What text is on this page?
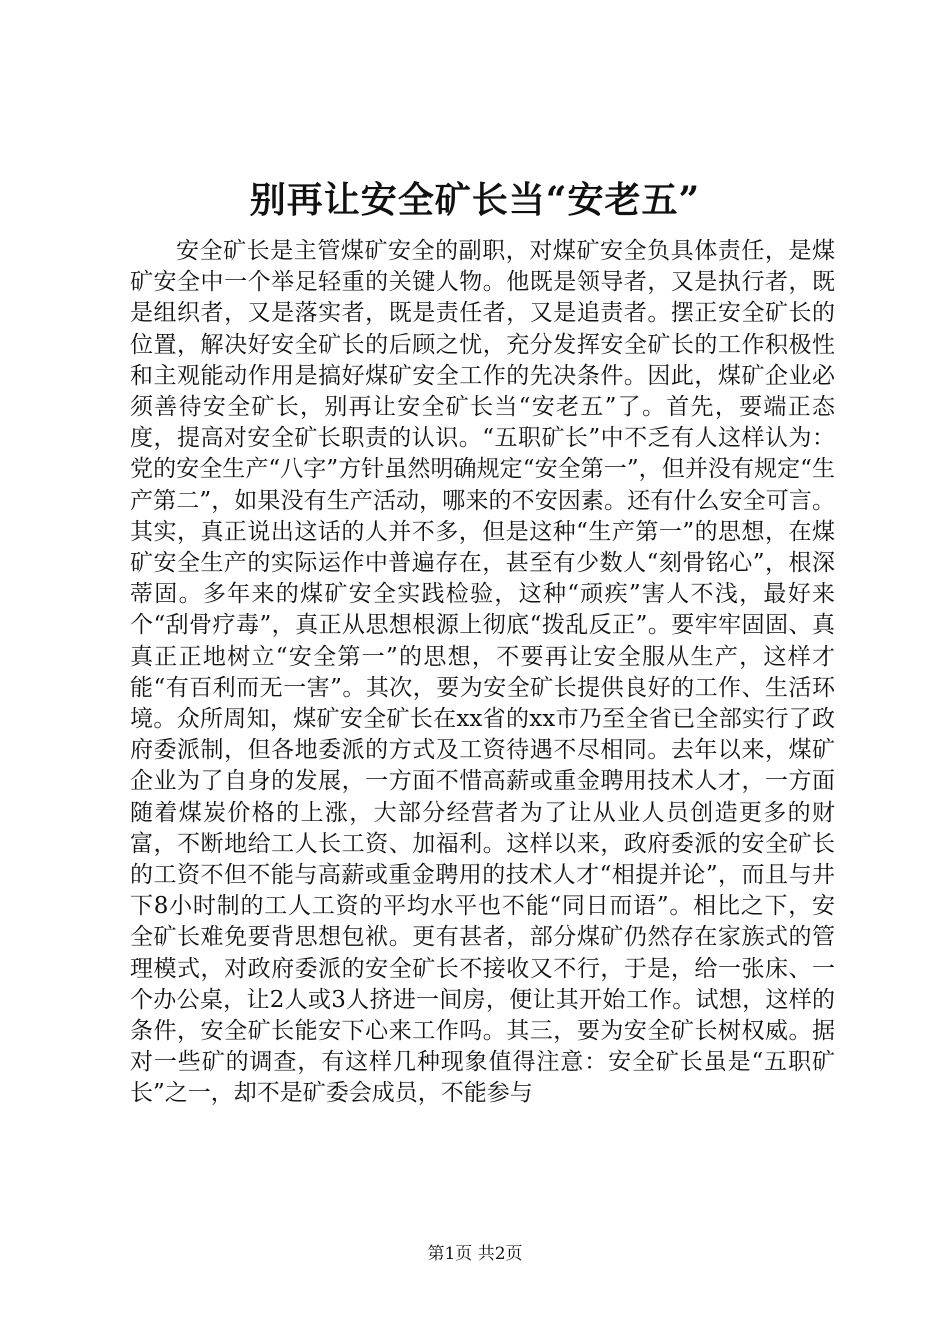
别再让安全矿长当“安老五”

安全矿长是主管煤矿安全的副职，对煤矿安全负具体责任，是煤矿安全中一个举足轻重的关键人物。他既是领导者，又是执行者，既是组织者，又是落实者，既是责任者，又是追责者。摆正安全矿长的位置，解决好安全矿长的后顾之忧，充分发挥安全矿长的工作积极性和主观能动作用是搞好煤矿安全工作的先决条件。因此，煤矿企业必须善待安全矿长，别再让安全矿长当“安老五”了。首先，要端正态度，提高对安全矿长职责的认识。“五职矿长”中不乏有人这样认为：党的安全生产“八字”方针虽然明确规定“安全第一”，但并没有规定“生产第二”，如果没有生产活动，哪来的不安因素。还有什么安全可言。其实，真正说出这话的人并不多，但是这种“生产第一”的思想，在煤矿安全生产的实际运作中普遍存在，甚至有少数人“刻骨铭心”，根深蒂固。多年来的煤矿安全实践检验，这种“顽疾”害人不浅，最好来个“刮骨疗毒”，真正从思想根源上彻底“拨乱反正”。要牢牢固固、真真正正地树立“安全第一”的思想，不要再让安全服从生产，这样才能“有百利而无一害”。其次，要为安全矿长提供良好的工作、生活环境。众所周知，煤矿安全矿长在xx省的xx市乃至全省已全部实行了政府委派制，但各地委派的方式及工资待遇不尽相同。去年以来，煤矿企业为了自身的发展，一方面不惜高薪或重金聘用技术人才，一方面随着煤炭价格的上涨，大部分经营者为了让从业人员创造更多的财富，不断地给工人长工资、加福利。这样以来，政府委派的安全矿长的工资不但不能与高薪或重金聘用的技术人才“相提并论”，而且与井下8小时制的工人工资的平均水平也不能“同日而语”。相比之下，安全矿长难免要背思想包袱。更有甚者，部分煤矿仍然存在家族式的管理模式，对政府委派的安全矿长不接收又不行，于是，给一张床、一个办公桌，让2人或3人挤进一间房，便让其开始工作。试想，这样的条件，安全矿长能安下心来工作吗。其三，要为安全矿长树权威。据对一些矿的调查，有这样几种现象值得注意：安全矿长虽是“五职矿长”之一，却不是矿委会成员，不能参与

第1页 共2页
